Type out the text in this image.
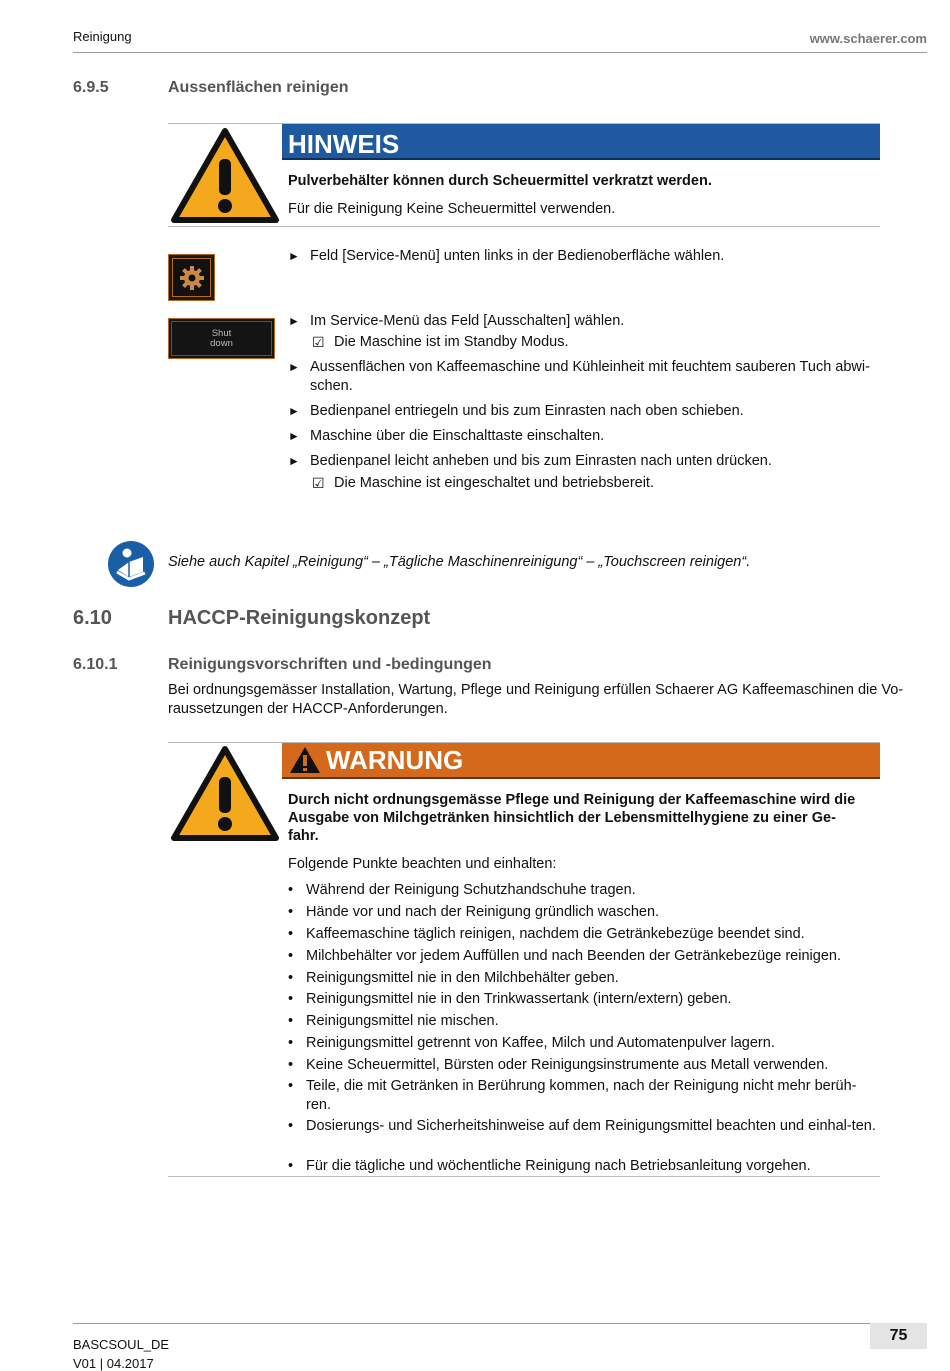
Reinigung	www.schaerer.com
6.9.5	Aussenflächen reinigen
HINWEIS
Pulverbehälter können durch Scheuermittel verkratzt werden.
Für die Reinigung Keine Scheuermittel verwenden.
Shut
down
► Feld [Service-Menü] unten links in der Bedienoberfläche wählen.
► Im Service-Menü das Feld [Ausschalten] wählen.
☑ Die Maschine ist im Standby Modus.
► Aussenflächen von Kaffeemaschine und Kühleinheit mit feuchtem sauberen Tuch abwi-schen.
► Bedienpanel entriegeln und bis zum Einrasten nach oben schieben.
► Maschine über die Einschalttaste einschalten.
► Bedienpanel leicht anheben und bis zum Einrasten nach unten drücken.
☑ Die Maschine ist eingeschaltet und betriebsbereit.
Siehe auch Kapitel „Reinigung“ – „Tägliche Maschinenreinigung“ – „Touchscreen reinigen“.
6.10	HACCP-Reinigungskonzept
6.10.1	Reinigungsvorschriften und -bedingungen
Bei ordnungsgemässer Installation, Wartung, Pflege und Reinigung erfüllen Schaerer AG Kaffeemaschinen die Vo-
raussetzungen der HACCP-Anforderungen.
WARNUNG
Durch nicht ordnungsgemässe Pflege und Reinigung der Kaffeemaschine wird die
Ausgabe von Milchgetränken hinsichtlich der Lebensmittelhygiene zu einer Ge-
fahr.
Folgende Punkte beachten und einhalten:
• Während der Reinigung Schutzhandschuhe tragen.
• Hände vor und nach der Reinigung gründlich waschen.
• Kaffeemaschine täglich reinigen, nachdem die Getränkebezüge beendet sind.
• Milchbehälter vor jedem Auffüllen und nach Beenden der Getränkebezüge reinigen.
• Reinigungsmittel nie in den Milchbehälter geben.
• Reinigungsmittel nie in den Trinkwassertank (intern/extern) geben.
• Reinigungsmittel nie mischen.
• Reinigungsmittel getrennt von Kaffee, Milch und Automatenpulver lagern.
• Keine Scheuermittel, Bürsten oder Reinigungsinstrumente aus Metall verwenden.
• Teile, die mit Getränken in Berührung kommen, nach der Reinigung nicht mehr berüh-ren.
• Dosierungs- und Sicherheitshinweise auf dem Reinigungsmittel beachten und einhal-ten.
• Für die tägliche und wöchentliche Reinigung nach Betriebsanleitung vorgehen.
75
BASCSOUL_DE
V01 | 04.2017
